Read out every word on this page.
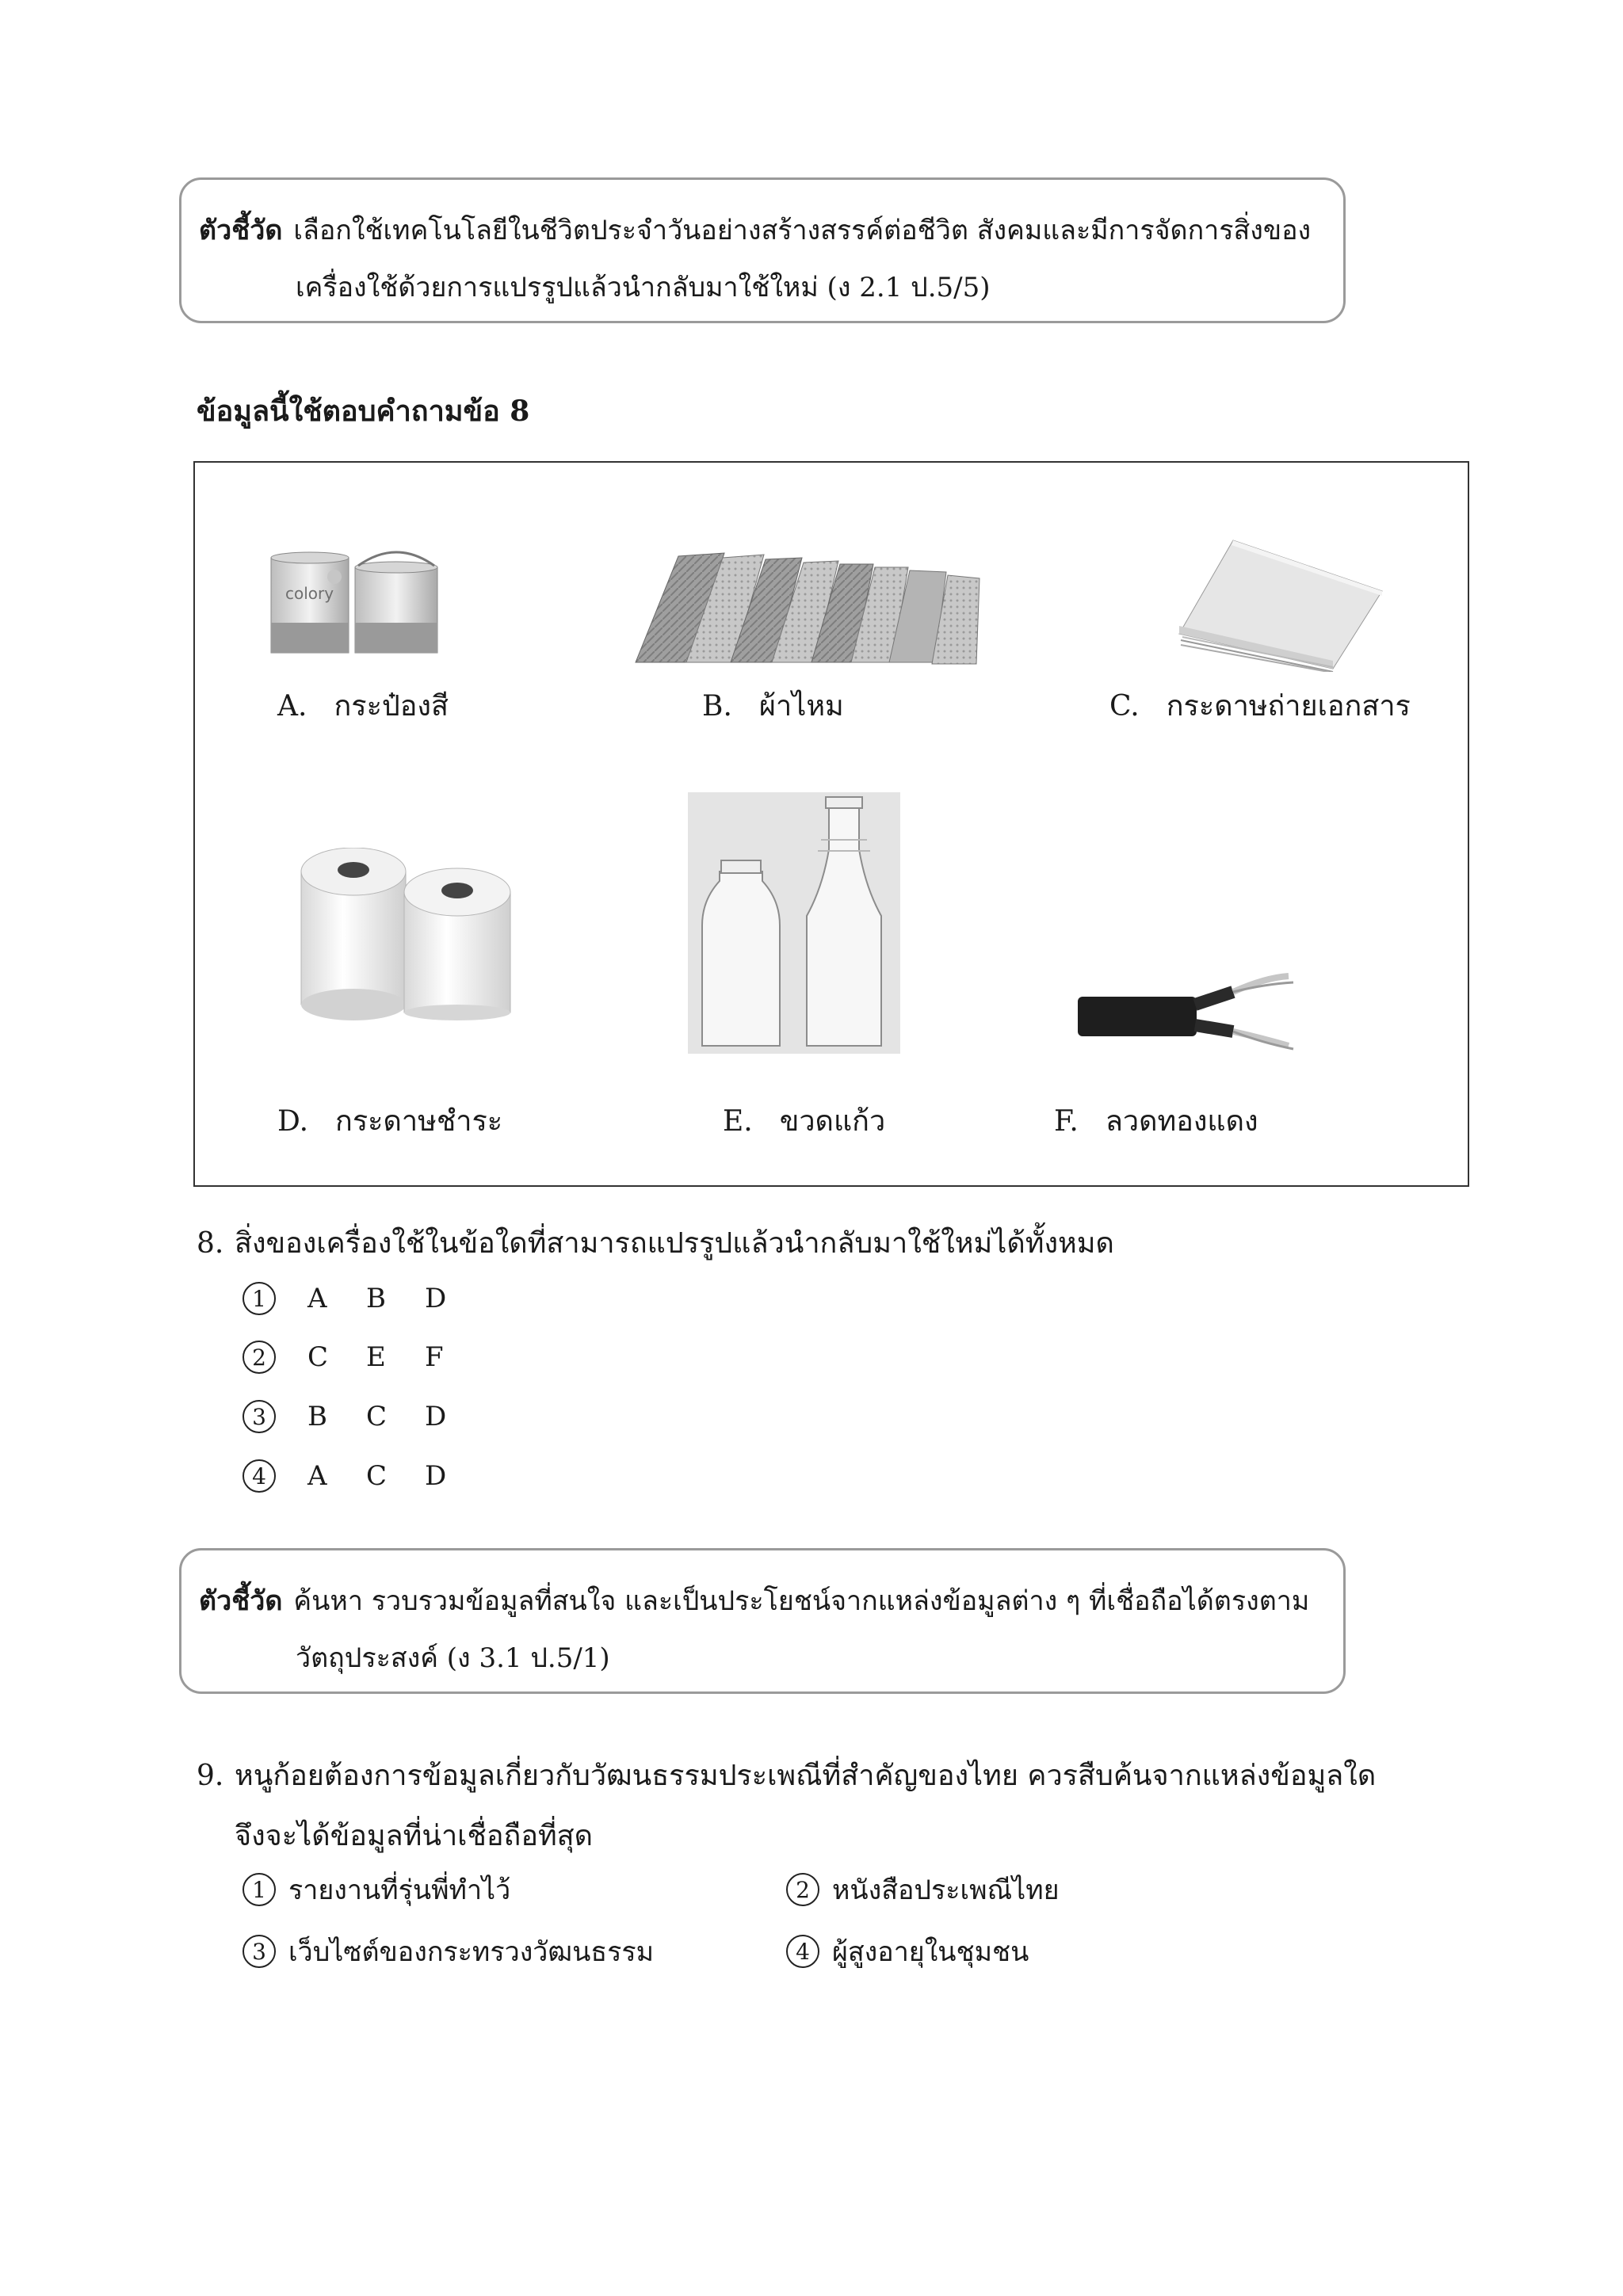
ตัวชี้วัด เลือกใช้เทคโนโลยีในชีวิตประจำวันอย่างสร้างสรรค์ต่อชีวิต สังคมและมีการจัดการสิ่งของ
เครื่องใช้ด้วยการแปรรูปแล้วนำกลับมาใช้ใหม่ (ง 2.1 ป.5/5)
ข้อมูลนี้ใช้ตอบคำถามข้อ 8
colory
A. กระป๋องสี	B. ผ้าไหม	C. กระดาษถ่ายเอกสาร
D. กระดาษชำระ	E. ขวดแก้ว	F. ลวดทองแดง
8. สิ่งของเครื่องใช้ในข้อใดที่สามารถแปรรูปแล้วนำกลับมาใช้ใหม่ได้ทั้งหมด
1	A	B	D
2	C	E	F
3	B	C	D
4	A	C	D
ตัวชี้วัด ค้นหา รวบรวมข้อมูลที่สนใจ และเป็นประโยชน์จากแหล่งข้อมูลต่าง ๆ ที่เชื่อถือได้ตรงตาม
วัตถุประสงค์ (ง 3.1 ป.5/1)
9. หนูก้อยต้องการข้อมูลเกี่ยวกับวัฒนธรรมประเพณีที่สำคัญของไทย ควรสืบค้นจากแหล่งข้อมูลใด
จึงจะได้ข้อมูลที่น่าเชื่อถือที่สุด
1 รายงานที่รุ่นพี่ทำไว้	2 หนังสือประเพณีไทย
3 เว็บไซต์ของกระทรวงวัฒนธรรม	4 ผู้สูงอายุในชุมชน
